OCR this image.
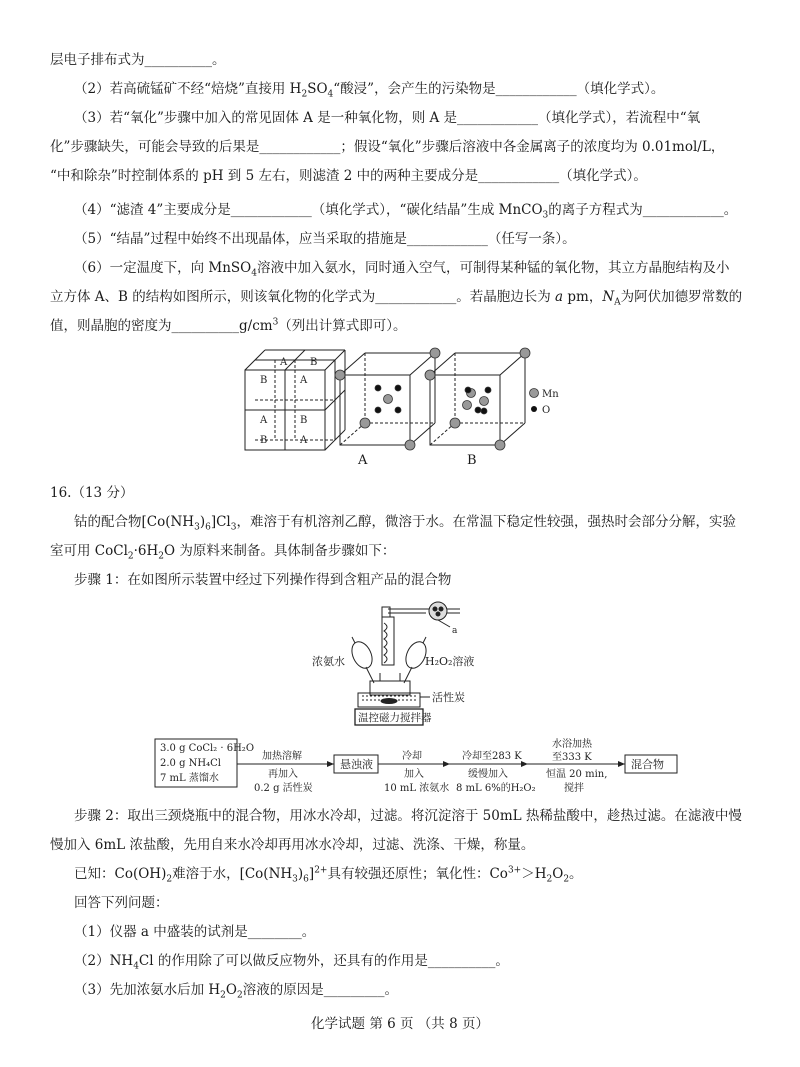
层电子排布式为__________。
（2）若高硫锰矿不经“焙烧”直接用 $H_2SO_4“$酸浸”，会产生的污染物是____________（填化学式）。
（3）若“氧化”步骤中加入的常见固体 A 是一种氧化物，则 A 是____________（填化学式），若流程中“氧
化”步骤缺失，可能会导致的后果是____________；假设“氧化”步骤后溶液中各金属离子的浓度均为 0.01mol/L，
“中和除杂”时控制体系的 pH 到 5 左右，则滤渣 2 中的两种主要成分是____________（填化学式）。
（4）“滤渣 4”主要成分是____________（填化学式），“碳化结晶”生成 MnCO$_3$的离子方程式为____________。
（5）“结晶”过程中始终不出现晶体，应当采取的措施是____________（任写一条）。
（6）一定温度下，向 MnSO$_4$溶液中加入氨水，同时通入空气，可制得某种锰的氧化物，其立方晶胞结构及小
立方体 A、B 的结构如图所示，则该氧化物的化学式为____________。若晶胞边长为 a pm，$N_A$为阿伏加德罗常数的
值，则晶胞的密度为$\_\_\_\_\_\_\_\_\_\_g/cm^3$（列出计算式即可）。
A B
B	A
A	B
B	A
Mn
O
A	B
16.（13 分）
钴的配合物$[Co(NH_3)_6]Cl_3$，难溶于有机溶剂乙醇，微溶于水。在常温下稳定性较强，强热时会部分分解，实验
室可用 $CoCl_2\cdot 6H_2O$ 为原料来制备。具体制备步骤如下：
步骤 1：在如图所示装置中经过下列操作得到含粗产品的混合物
a
浓氨水	H₂O₂溶液
活性炭
温控磁力搅拌器
3.0 g CoCl₂ · 6H₂O
2.0 g NH₄Cl
7 mL 蒸馏水
加热溶解
再加入
0.2 g 活性炭
悬浊液
冷却
加入
10 mL 浓氨水
冷却至283 K
缓慢加入
8 mL 6%的H₂O₂
水浴加热
至333 K
恒温 20 min,
搅拌
混合物
步骤 2：取出三颈烧瓶中的混合物，用冰水冷却，过滤。将沉淀溶于 50mL 热稀盐酸中，趁热过滤。在滤液中慢
慢加入 6mL 浓盐酸，先用自来水冷却再用冰水冷却，过滤、洗涤、干燥，称量。
已知：$Co(OH)_2$难溶于水，$[Co(NH_3)_6]^{2+}$具有较强还原性；氧化性：$Co^{3+}>H_2O_2$。
回答下列问题：
（1）仪器 a 中盛装的试剂是________。
$(2)NH_4Cl$ 的作用除了可以做反应物外，还具有的作用是__________。
（3）先加浓氨水后加 $H_2O_2$溶液的原因是_________。
化学试题 第 6 页 （共 8 页）
